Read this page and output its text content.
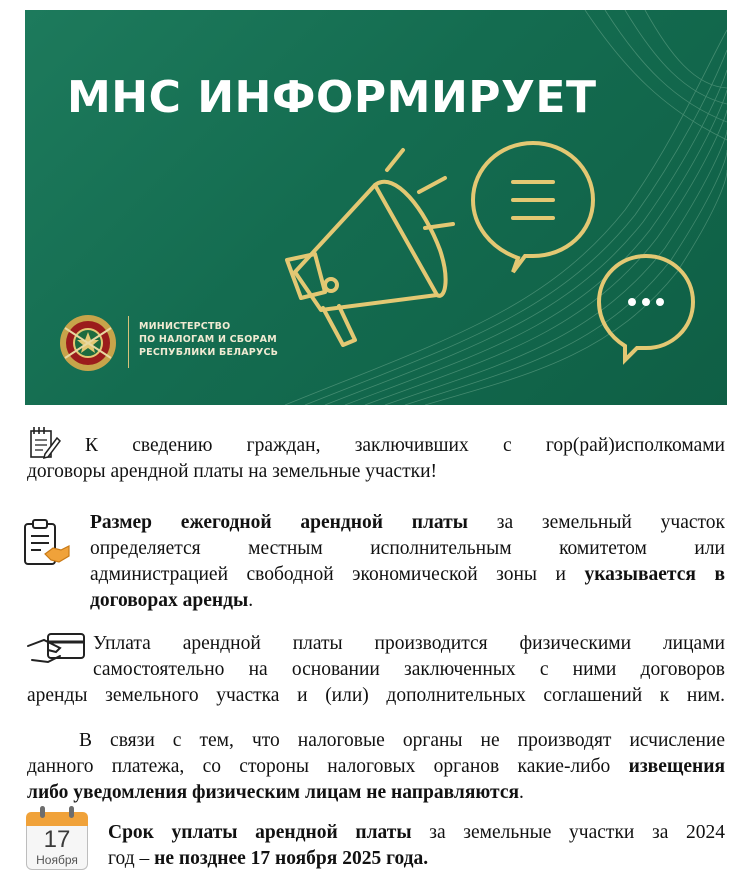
МНС ИНФОРМИРУЕТ
МИНИСТЕРСТВО
ПО НАЛОГАМ И СБОРАМ
РЕСПУБЛИКИ БЕЛАРУСЬ
К сведению граждан, заключивших с гор(рай)исполкомами
договоры арендной платы на земельные участки!
Размер ежегодной арендной платы за земельный участок
определяется местным исполнительным комитетом или
администрацией свободной экономической зоны и указывается в
договорах аренды.
Уплата арендной платы производится физическими лицами
самостоятельно на основании заключенных с ними договоров
аренды земельного участка и (или) дополнительных соглашений к ним.
В связи с тем, что налоговые органы не производят исчисление
данного платежа, со стороны налоговых органов какие-либо извещения
либо уведомления физическим лицам не направляются.
17
Ноября
Срок уплаты арендной платы за земельные участки за 2024
год – не позднее 17 ноября 2025 года.
